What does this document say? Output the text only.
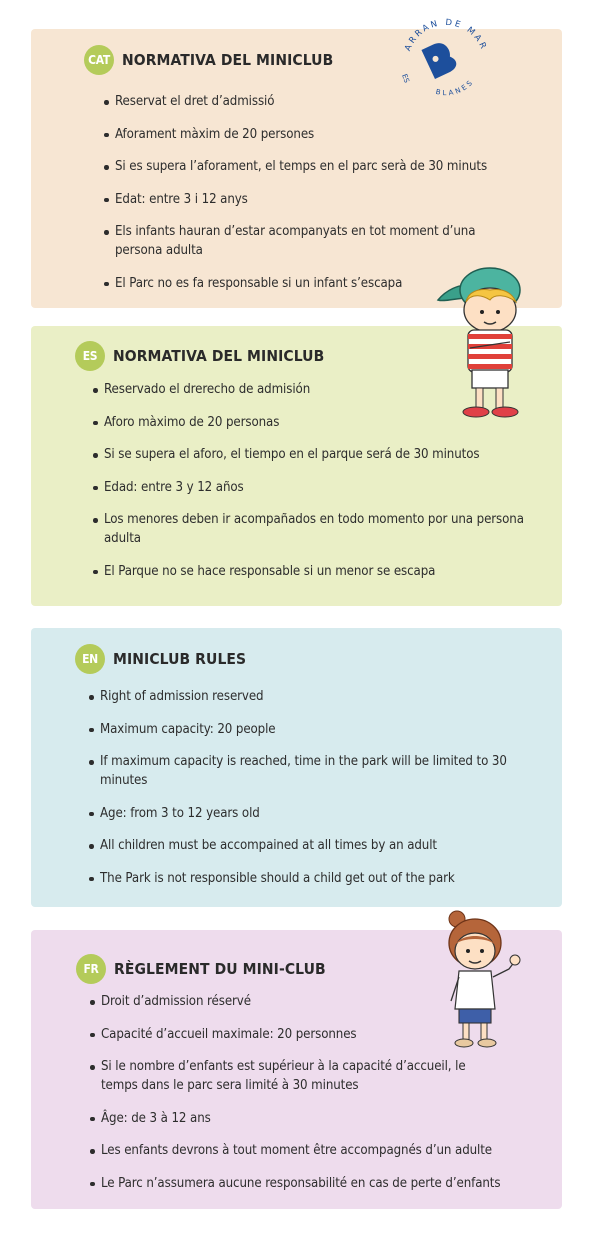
CAT NORMATIVA DEL MINICLUB
Reservat el dret d’admissió
Aforament màxim de 20 persones
Si es supera l’aforament, el temps en el parc serà de 30 minuts
Edat: entre 3 i 12 anys
Els infants hauran d’estar acompanyats en tot moment d’una persona adulta
El Parc no es fa responsable si un infant s’escapa
ES	NORMATIVA DEL MINICLUB
Reservado el drerecho de admisión
Aforo màximo de 20 personas
Si se supera el aforo, el tiempo en el parque será de 30 minutos
Edad: entre 3 y 12 años
Los menores deben ir acompañados en todo momento por una persona adulta
El Parque no se hace responsable si un menor se escapa
EN MINICLUB RULES
Right of admission reserved
Maximum capacity: 20 people
If maximum capacity is reached, time in the park will be limited to 30 minutes
Age: from 3 to 12 years old
All children must be accompained at all times by an adult
The Park is not responsible should a child get out of the park
FR RÈGLEMENT DU MINI-CLUB
Droit d’admission réservé
Capacité d’accueil maximale: 20 personnes
Si le nombre d’enfants est supérieur à la capacité d’accueil, le temps dans le parc sera limité à 30 minutes
Âge: de 3 à 12 ans
Les enfants devrons à tout moment être accompagnés d’un adulte
Le Parc n’assumera aucune responsabilité en cas de perte d’enfants
ARRAN DE MAR
BLANES
ES
